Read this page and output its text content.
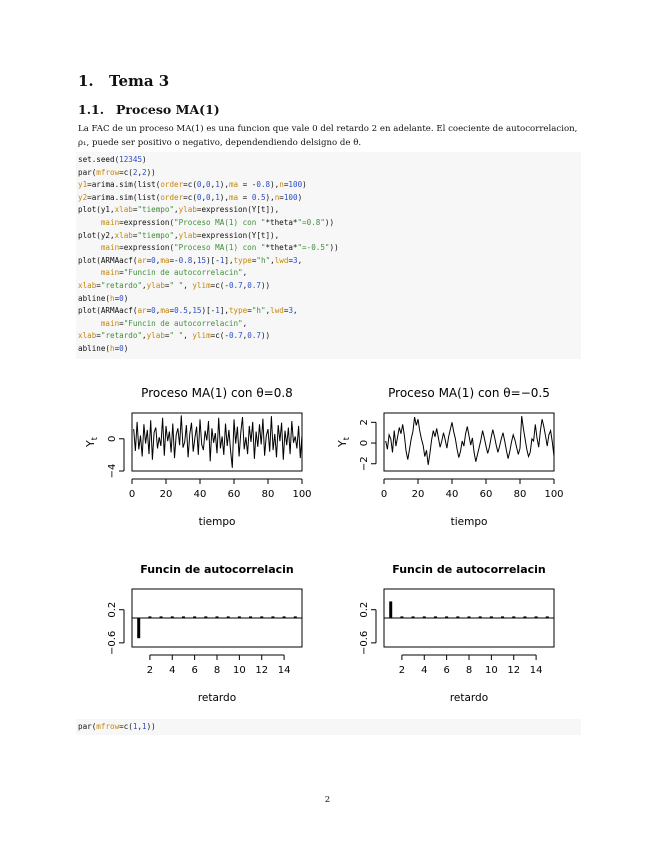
1. Tema 3
1.1. Proceso MA(1)
La FAC de un proceso MA(1) es una funcion que vale 0 del retardo 2 en adelante. El coeciente de autocorrelacion,
ρ₁, puede ser positivo o negativo, dependendiendo delsigno de θ.
set.seed(12345)
par(mfrow=c(2,2))
y1=arima.sim(list(order=c(0,0,1),ma = -0.8),n=100)
y2=arima.sim(list(order=c(0,0,1),ma = 0.5),n=100)
plot(y1,xlab="tiempo",ylab=expression(Y[t]),
main=expression("Proceso MA(1) con "*theta*"=0.8"))
plot(y2,xlab="tiempo",ylab=expression(Y[t]),
main=expression("Proceso MA(1) con "*theta*"=-0.5"))
plot(ARMAacf(ar=0,ma=-0.8,15)[-1],type="h",lwd=3,
main="Funcin de autocorrelacin",
xlab="retardo",ylab=" ", ylim=c(-0.7,0.7))
abline(h=0)
plot(ARMAacf(ar=0,ma=0.5,15)[-1],type="h",lwd=3,
main="Funcin de autocorrelacin",
xlab="retardo",ylab=" ", ylim=c(-0.7,0.7))
abline(h=0)
Proceso MA(1) con θ=0.8
0 20 40 60 80 100
−4
0
tiempo
$Y_t$
Proceso MA(1) con θ=−0.5
0 20 40 60 80 100
−2
0
2
tiempo
$Y_t$
Funcin de autocorrelacin
2 4 6 8 10 12 14
−0.6
0.2
retardo
Funcin de autocorrelacin
2 4 6 8 10 12 14
−0.6
0.2
retardo
par(mfrow=c(1,1))
2
